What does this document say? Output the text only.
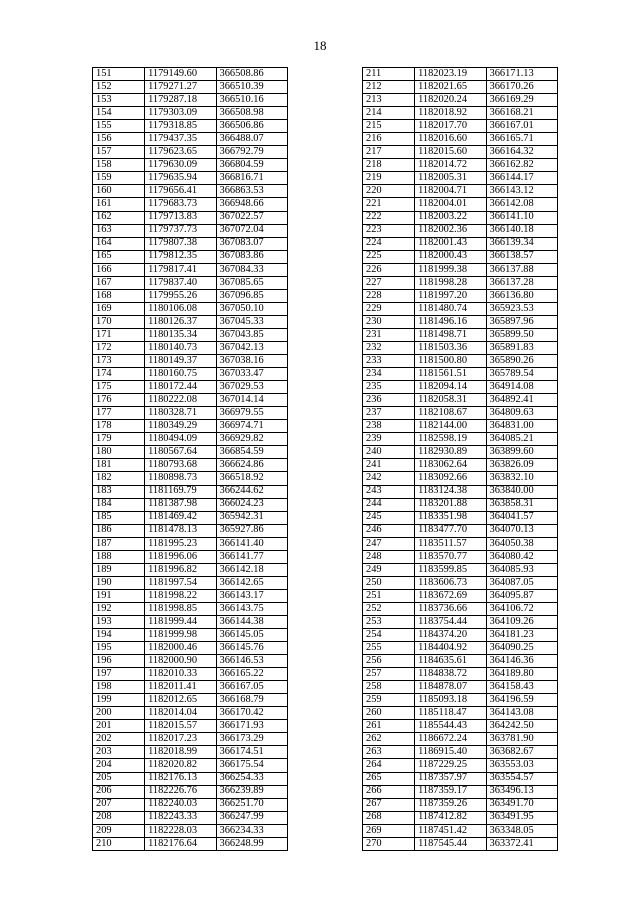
18
151	1179149.60	366508.86
152	1179271.27	366510.39
153	1179287.18	366510.16
154	1179303.09	366508.98
155	1179318.85	366506.86
156	1179437.35	366488.07
157	1179623.65	366792.79
158	1179630.09	366804.59
159	1179635.94	366816.71
160	1179656.41	366863.53
161	1179683.73	366948.66
162	1179713.83	367022.57
163	1179737.73	367072.04
164	1179807.38	367083.07
165	1179812.35	367083.86
166	1179817.41	367084.33
167	1179837.40	367085.65
168	1179955.26	367096.85
169	1180106.08	367050.10
170	1180126.37	367045.33
171	1180135.34	367043.85
172	1180140.73	367042.13
173	1180149.37	367038.16
174	1180160.75	367033.47
175	1180172.44	367029.53
176	1180222.08	367014.14
177	1180328.71	366979.55
178	1180349.29	366974.71
179	1180494.09	366929.82
180	1180567.64	366854.59
181	1180793.68	366624.86
182	1180898.73	366518.92
183	1181169.79	366244.62
184	1181387.98	366024.23
185	1181469.42	365942.31
186	1181478.13	365927.86
187	1181995.23	366141.40
188	1181996.06	366141.77
189	1181996.82	366142.18
190	1181997.54	366142.65
191	1181998.22	366143.17
192	1181998.85	366143.75
193	1181999.44	366144.38
194	1181999.98	366145.05
195	1182000.46	366145.76
196	1182000.90	366146.53
197	1182010.33	366165.22
198	1182011.41	366167.05
199	1182012.65	366168.79
200	1182014.04	366170.42
201	1182015.57	366171.93
202	1182017.23	366173.29
203	1182018.99	366174.51
204	1182020.82	366175.54
205	1182176.13	366254.33
206	1182226.76	366239.89
207	1182240.03	366251.70
208	1182243.33	366247.99
209	1182228.03	366234.33
210	1182176.64	366248.99
211	1182023.19	366171.13
212	1182021.65	366170.26
213	1182020.24	366169.29
214	1182018.92	366168.21
215	1182017.70	366167.01
216	1182016.60	366165.71
217	1182015.60	366164.32
218	1182014.72	366162.82
219	1182005.31	366144.17
220	1182004.71	366143.12
221	1182004.01	366142.08
222	1182003.22	366141.10
223	1182002.36	366140.18
224	1182001.43	366139.34
225	1182000.43	366138.57
226	1181999.38	366137.88
227	1181998.28	366137.28
228	1181997.20	366136.80
229	1181480.74	365923.53
230	1181496.16	365897.96
231	1181498.71	365899.50
232	1181503.36	365891.83
233	1181500.80	365890.26
234	1181561.51	365789.54
235	1182094.14	364914.08
236	1182058.31	364892.41
237	1182108.67	364809.63
238	1182144.00	364831.00
239	1182598.19	364085.21
240	1182930.89	363899.60
241	1183062.64	363826.09
242	1183092.66	363832.10
243	1183124.38	363840.00
244	1183201.88	363858.31
245	1183351.98	364041.57
246	1183477.70	364070.13
247	1183511.57	364050.38
248	1183570.77	364080.42
249	1183599.85	364085.93
250	1183606.73	364087.05
251	1183672.69	364095.87
252	1183736.66	364106.72
253	1183754.44	364109.26
254	1184374.20	364181.23
255	1184404.92	364090.25
256	1184635.61	364146.36
257	1184838.72	364189.80
258	1184878.07	364158.43
259	1185093.18	364196.59
260	1185118.47	364143.08
261	1185544.43	364242.50
262	1186672.24	363781.90
263	1186915.40	363682.67
264	1187229.25	363553.03
265	1187357.97	363554.57
266	1187359.17	363496.13
267	1187359.26	363491.70
268	1187412.82	363491.95
269	1187451.42	363348.05
270	1187545.44	363372.41
